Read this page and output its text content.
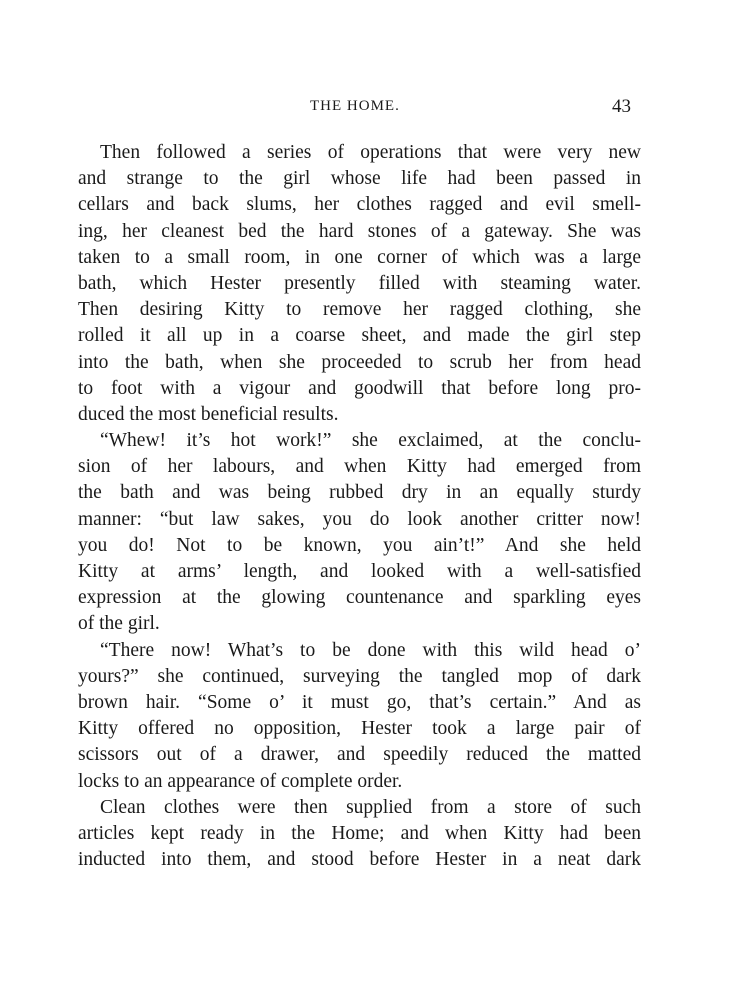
THE HOME.	43

Then followed a series of operations that were very new
and strange to the girl whose life had been passed in
cellars and back slums, her clothes ragged and evil smell-
ing, her cleanest bed the hard stones of a gateway. She was
taken to a small room, in one corner of which was a large
bath, which Hester presently filled with steaming water.
Then desiring Kitty to remove her ragged clothing, she
rolled it all up in a coarse sheet, and made the girl step
into the bath, when she proceeded to scrub her from head
to foot with a vigour and goodwill that before long pro-
duced the most beneficial results.

“Whew! it’s hot work!” she exclaimed, at the conclu-
sion of her labours, and when Kitty had emerged from
the bath and was being rubbed dry in an equally sturdy
manner: “but law sakes, you do look another critter now!
you do! Not to be known, you ain’t!” And she held
Kitty at arms’ length, and looked with a well-satisfied
expression at the glowing countenance and sparkling eyes
of the girl.

“There now! What’s to be done with this wild head o’
yours?” she continued, surveying the tangled mop of dark
brown hair. “Some o’ it must go, that’s certain.” And as
Kitty offered no opposition, Hester took a large pair of
scissors out of a drawer, and speedily reduced the matted
locks to an appearance of complete order.

Clean clothes were then supplied from a store of such
articles kept ready in the Home; and when Kitty had been
inducted into them, and stood before Hester in a neat dark
